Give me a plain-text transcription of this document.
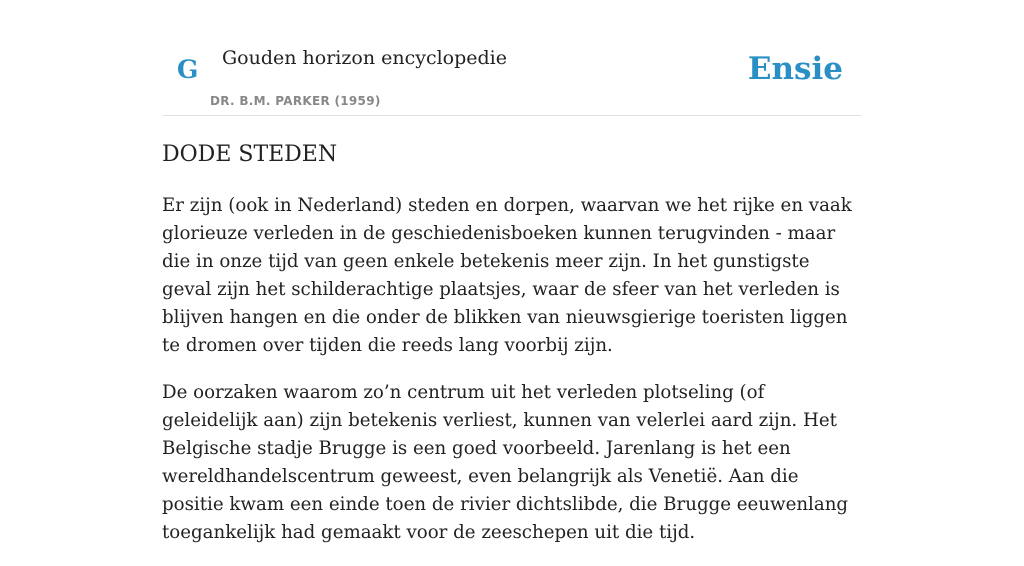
G Gouden horizon encyclopedie
DR. B.M. PARKER (1959)
Ensie
DODE STEDEN

Er zijn (ook in Nederland) steden en dorpen, waarvan we het rijke en vaak glorieuze verleden in de geschiedenisboeken kunnen terugvinden - maar die in onze tijd van geen enkele betekenis meer zijn. In het gunstigste geval zijn het schilderachtige plaatsjes, waar de sfeer van het verleden is blijven hangen en die onder de blikken van nieuwsgierige toeristen liggen te dromen over tijden die reeds lang voorbij zijn.

De oorzaken waarom zo’n centrum uit het verleden plotseling (of geleidelijk aan) zijn betekenis verliest, kunnen van velerlei aard zijn. Het Belgische stadje Brugge is een goed voorbeeld. Jarenlang is het een wereldhandelscentrum geweest, even belangrijk als Venetië. Aan die positie kwam een einde toen de rivier dichtslibde, die Brugge eeuwenlang toegankelijk had gemaakt voor de zeeschepen uit die tijd.
